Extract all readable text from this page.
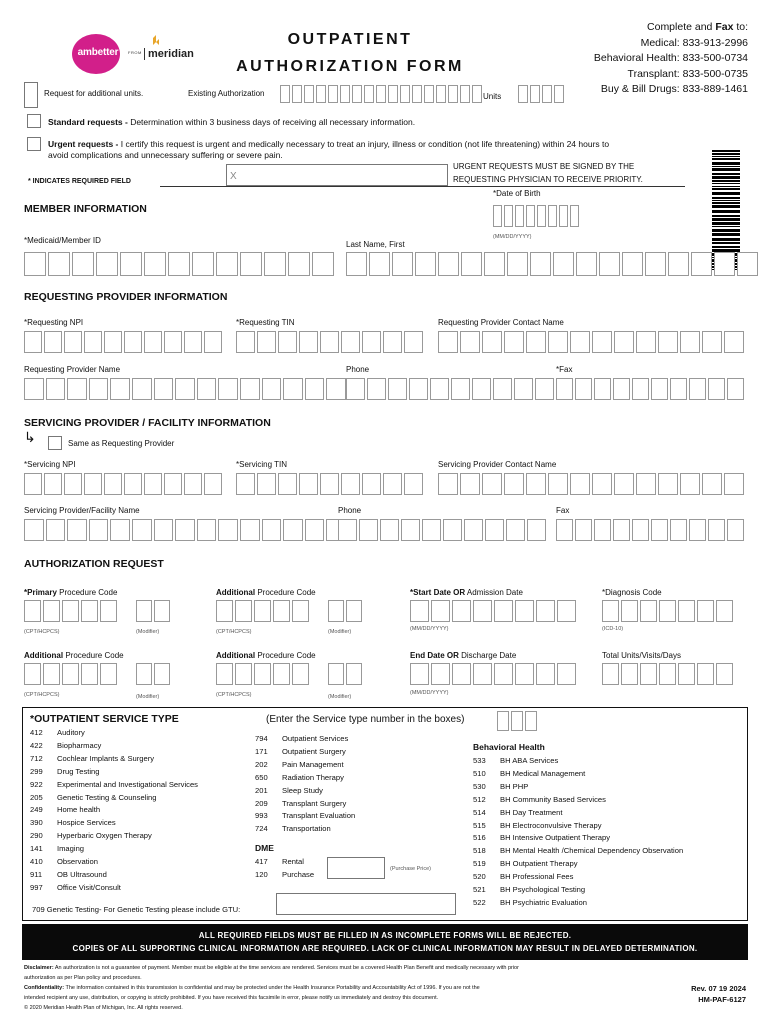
ambetter	FROM meridian
OUTPATIENT
AUTHORIZATION FORM
Complete and Fax to:
Medical: 833-913-2996
Behavioral Health: 833-500-0734
Transplant: 833-500-0735
Buy & Bill Drugs: 833-889-1461
Request for additional units.	Existing Authorization	Units
Standard requests - Determination within 3 business days of receiving all necessary information.
Urgent requests - I certify this request is urgent and medically necessary to treat an injury, illness or condition (not life threatening) within 24 hours to
avoid complications and unnecessary suffering or severe pain.
X
URGENT REQUESTS MUST BE SIGNED BY THE
REQUESTING PHYSICIAN TO RECEIVE PRIORITY.
* INDICATES REQUIRED FIELD
MEMBER INFORMATION
*Date of Birth
(MM/DD/YYYY)
*Medicaid/Member ID	Last Name, First
REQUESTING PROVIDER INFORMATION
*Requesting NPI	*Requesting TIN	Requesting Provider Contact Name
Requesting Provider Name	Phone	*Fax
SERVICING PROVIDER / FACILITY INFORMATION
↳	Same as Requesting Provider
*Servicing NPI	*Servicing TIN	Servicing Provider Contact Name
Servicing Provider/Facility Name	Phone	Fax
AUTHORIZATION REQUEST
*Primary Procedure Code	Additional Procedure Code	*Start Date OR Admission Date	*Diagnosis Code
(CPT/HCPCS)	(Modifier)	(CPT/HCPCS)	(Modifier)	(MM/DD/YYYY)	(ICD-10)
Additional Procedure Code	Additional Procedure Code	End Date OR Discharge Date	Total Units/Visits/Days
(CPT/HCPCS)	(Modifier)	(CPT/HCPCS)	(Modifier)
(MM/DD/YYYY)
*OUTPATIENT SERVICE TYPE	(Enter the Service type number in the boxes)
412	Auditory
422	Biopharmacy
712	Cochlear Implants & Surgery
299	Drug Testing
922	Experimental and Investigational Services
205	Genetic Testing & Counseling
249	Home health
390	Hospice Services
290	Hyperbaric Oxygen Therapy
141	Imaging
410	Observation
911	OB Ultrasound
997	Office Visit/Consult
794	Outpatient Services
171	Outpatient Surgery
202	Pain Management
650	Radiation Therapy
201	Sleep Study
209	Transplant Surgery
993	Transplant Evaluation
724	Transportation
DME
417	Rental
120	Purchase
(Purchase Price)
Behavioral Health
533	BH ABA Services
510	BH Medical Management
530	BH PHP
512	BH Community Based Services
514	BH Day Treatment
515	BH Electroconvulsive Therapy
516	BH Intensive Outpatient Therapy
518	BH Mental Health /Chemical Dependency Observation
519	BH Outpatient Therapy
520	BH Professional Fees
521	BH Psychological Testing
522	BH Psychiatric Evaluation
709 Genetic Testing- For Genetic Testing please include GTU:
ALL REQUIRED FIELDS MUST BE FILLED IN AS INCOMPLETE FORMS WILL BE REJECTED.
COPIES OF ALL SUPPORTING CLINICAL INFORMATION ARE REQUIRED. LACK OF CLINICAL INFORMATION MAY RESULT IN DELAYED DETERMINATION.
Disclaimer: An authorization is not a guarantee of payment. Member must be eligible at the time services are rendered. Services must be a covered Health Plan Benefit and medically necessary with prior
authorization as per Plan policy and procedures.
Confidentiality: The information contained in this transmission is confidential and may be protected under the Health Insurance Portability and Accountability Act of 1996. If you are not the
intended recipient any use, distribution, or copying is strictly prohibited. If you have received this facsimile in error, please notify us immediately and destroy this document.
© 2020 Meridian Health Plan of Michigan, Inc. All rights reserved.
Rev. 07 19 2024
HM-PAF-6127
